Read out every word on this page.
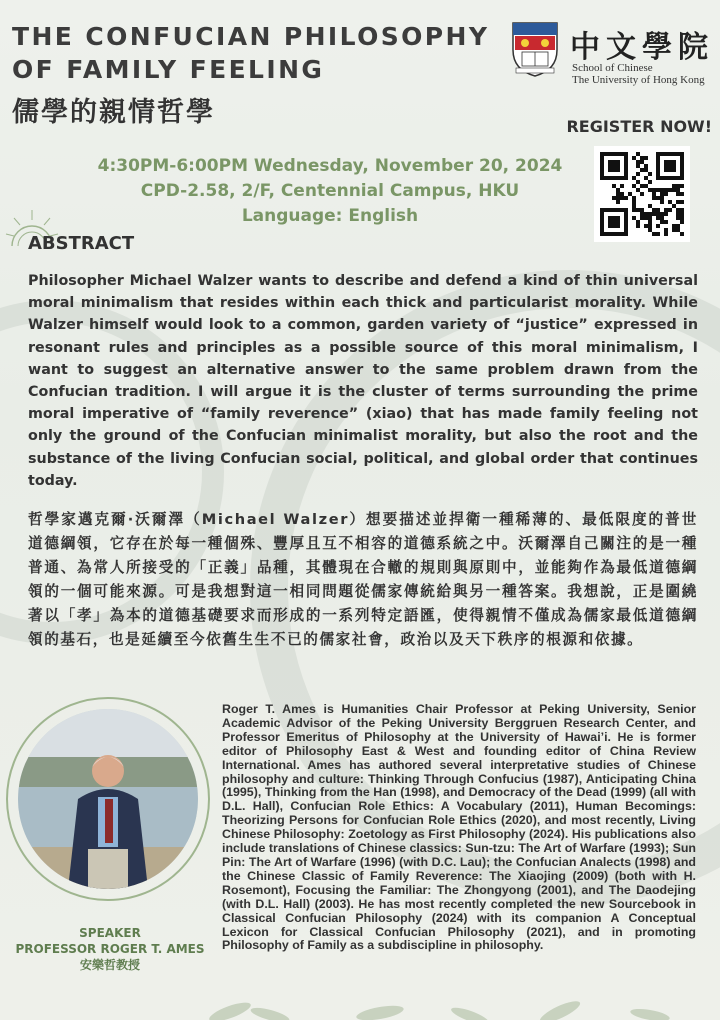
THE CONFUCIAN PHILOSOPHY
OF FAMILY FEELING
儒學的親情哲學
中文學院
School of Chinese
The University of Hong Kong
REGISTER NOW!
4:30PM-6:00PM Wednesday, November 20, 2024
CPD-2.58, 2/F, Centennial Campus, HKU
Language: English
ABSTRACT

Philosopher Michael Walzer wants to describe and defend a kind of thin universal moral minimalism that resides within each thick and particularist morality. While Walzer himself would look to a common, garden variety of “justice” expressed in resonant rules and principles as a possible source of this moral minimalism, I want to suggest an alternative answer to the same problem drawn from the Confucian tradition. I will argue it is the cluster of terms surrounding the prime moral imperative of “family reverence” (xiao) that has made family feeling not only the ground of the Confucian minimalist morality, but also the root and the substance of the living Confucian social, political, and global order that continues today.

哲學家邁克爾·沃爾澤（Michael Walzer）想要描述並捍衛一種稀薄的、最低限度的普世道德綱領，它存在於每一種個殊、豐厚且互不相容的道德系統之中。沃爾澤自己關注的是一種普通、為常人所接受的「正義」品種，其體現在合轍的規則與原則中，並能夠作為最低道德綱領的一個可能來源。可是我想對這一相同問題從儒家傳統給與另一種答案。我想說，正是圍繞著以「孝」為本的道德基礎要求而形成的一系列特定語匯，使得親情不僅成為儒家最低道德綱領的基石，也是延續至今依舊生生不已的儒家社會，政治以及天下秩序的根源和依據。

SPEAKER
PROFESSOR ROGER T. AMES
安樂哲教授

Roger T. Ames is Humanities Chair Professor at Peking University, Senior Academic Advisor of the Peking University Berggruen Research Center, and Professor Emeritus of Philosophy at the University of Hawai’i. He is former editor of Philosophy East & West and founding editor of China Review International. Ames has authored several interpretative studies of Chinese philosophy and culture: Thinking Through Confucius (1987), Anticipating China (1995), Thinking from the Han (1998), and Democracy of the Dead (1999) (all with D.L. Hall), Confucian Role Ethics: A Vocabulary (2011), Human Becomings: Theorizing Persons for Confucian Role Ethics (2020), and most recently, Living Chinese Philosophy: Zoetology as First Philosophy (2024). His publications also include translations of Chinese classics: Sun-tzu: The Art of Warfare (1993); Sun Pin: The Art of Warfare (1996) (with D.C. Lau); the Confucian Analects (1998) and the Chinese Classic of Family Reverence: The Xiaojing (2009) (both with H. Rosemont), Focusing the Familiar: The Zhongyong (2001), and The Daodejing (with D.L. Hall) (2003). He has most recently completed the new Sourcebook in Classical Confucian Philosophy (2024) with its companion A Conceptual Lexicon for Classical Confucian Philosophy (2021), and in promoting Philosophy of Family as a subdiscipline in philosophy.
